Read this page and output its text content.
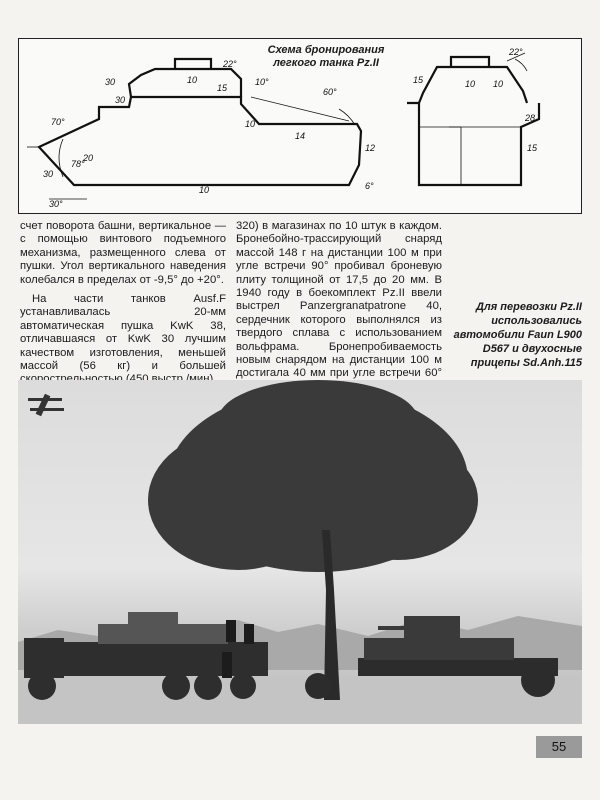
70°
22°
30
30
10
15
10°
60°
10
14
20
30
78°
30°
12
6°
10
15
28
22°
10 10
15

Схема бронирования легкого танка Pz.II

счет поворота башни, вертикальное — с помощью винтового подъемного механизма, размещенного слева от пушки. Угол вертикального наведения колебался в пределах от -9,5° до +20°.

На части танков Ausf.F устанавливалась 20-мм автоматическая пушка KwK 38, отличавшаяся от KwK 30 лучшим качеством изготовления, меньшей массой (56 кг) и большей

320) в магазинах по 10 штук в каждом. Бронебойно-трассирующий снаряд массой 148 г на дистанции 100 м при угле встречи 90° пробивал броневую плиту толщиной от 17,5 до 20 мм. В 1940 году в боекомплект Pz.II ввели выстрел Panzergranatpatrone 40, сердечник которого выполнялся из твердого сплава с использованием вольфрама. Бронепробиваемость новым снарядом на дистанции 100 м достигала 40 мм при угле встречи 60°

Для перевозки Pz.II использовались автомобили Faun L900 D567 и двухосные прицепы Sd.Anh.115

55
